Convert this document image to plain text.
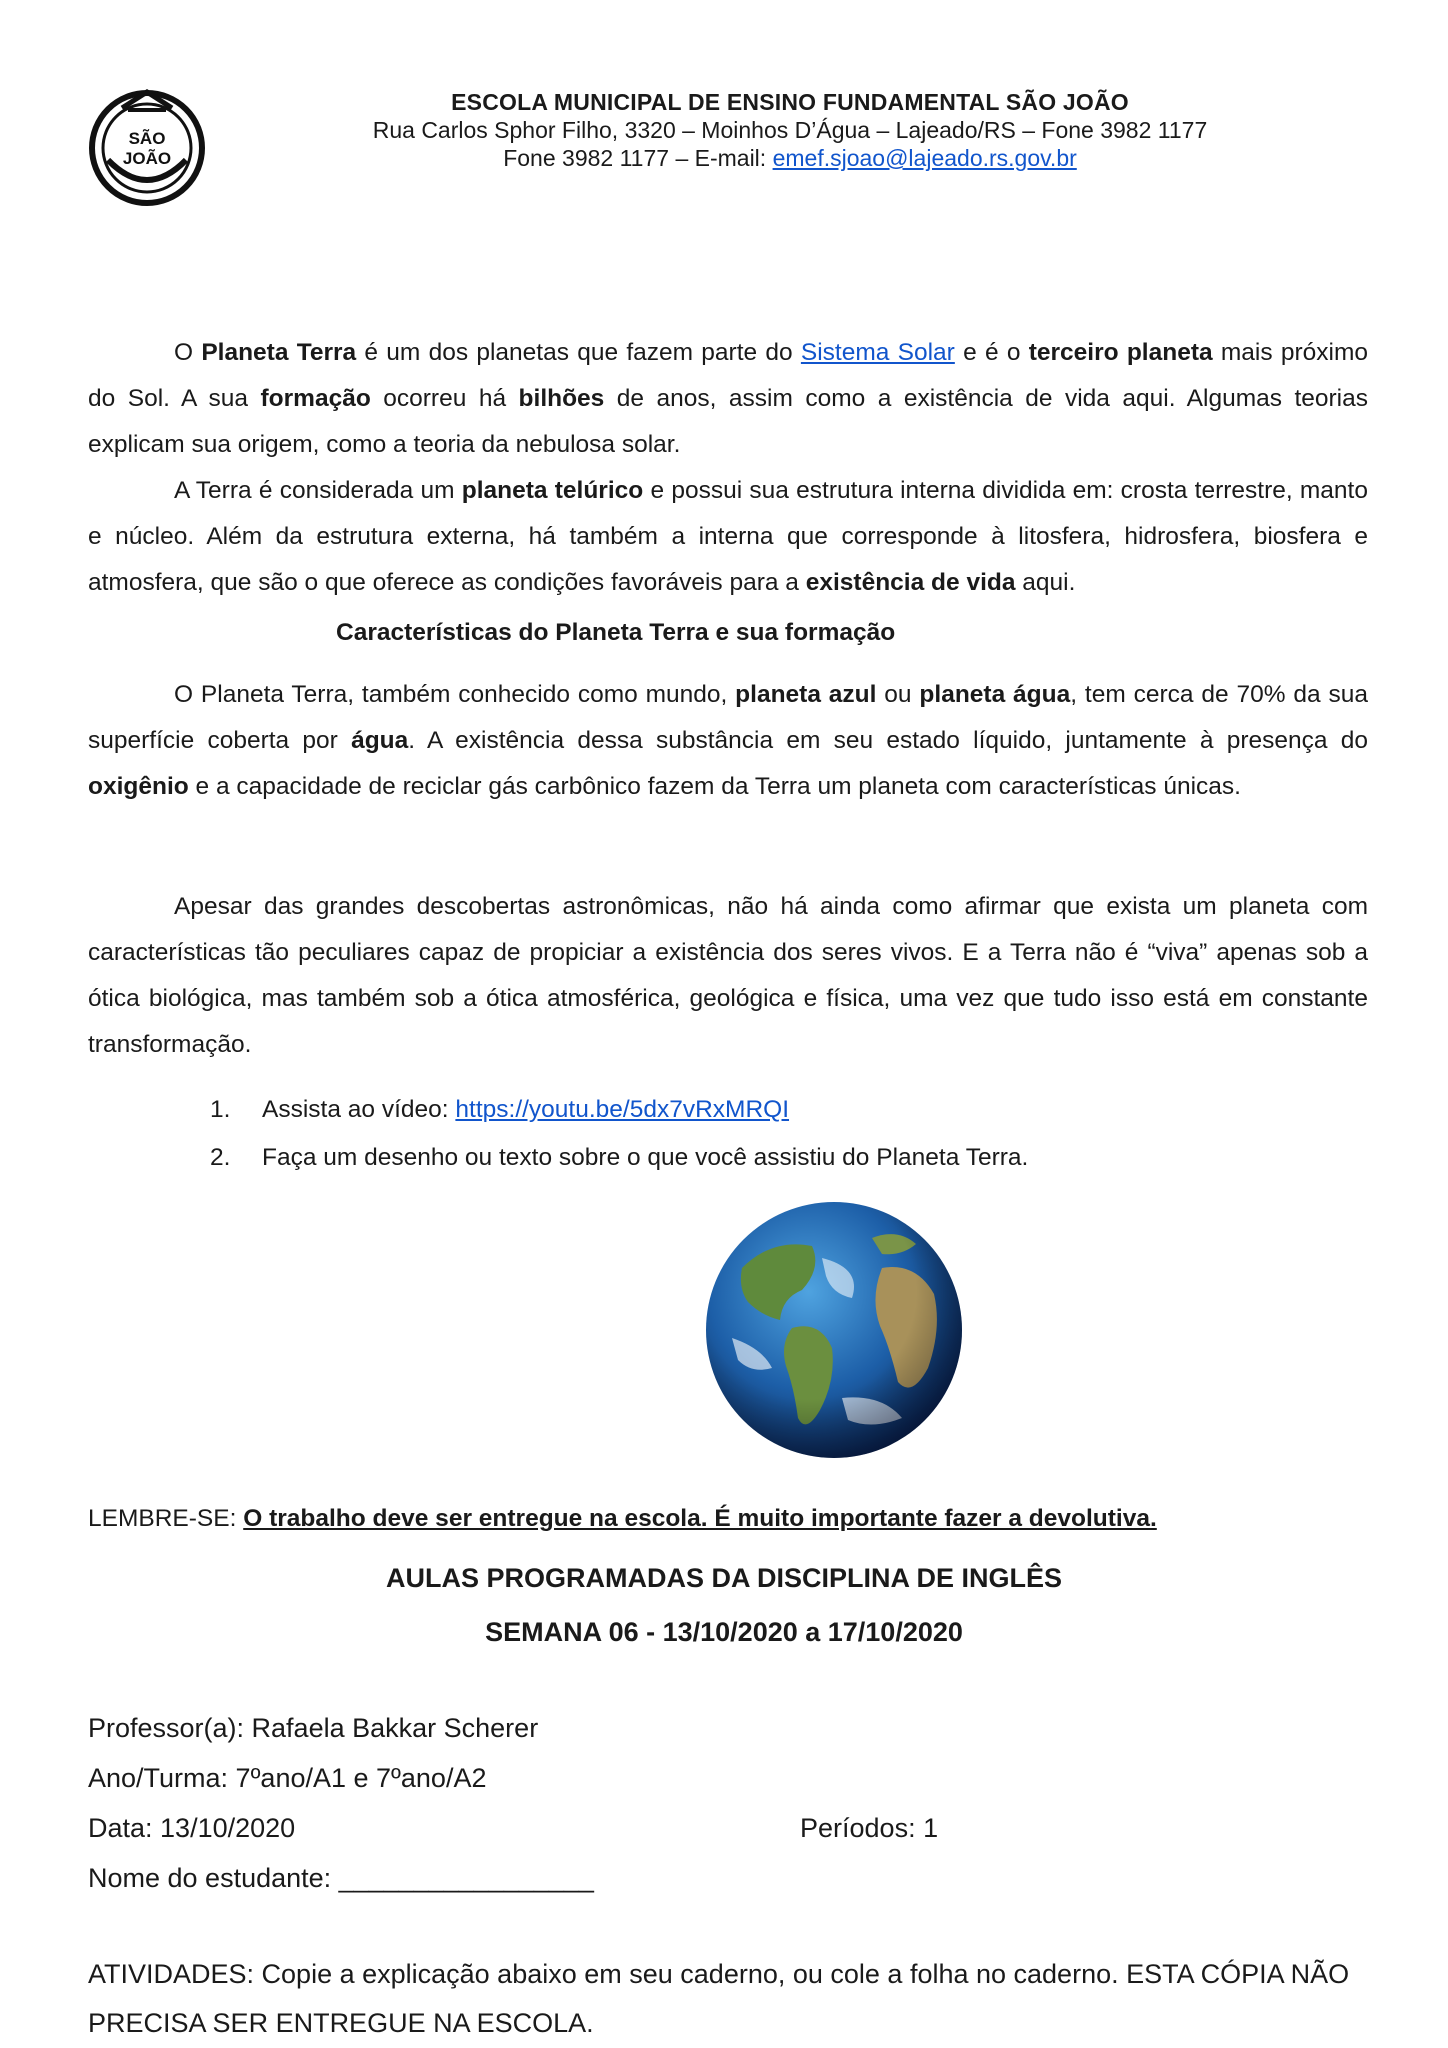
SÃO
JOÃO
ESCOLA MUNICIPAL DE ENSINO FUNDAMENTAL SÃO JOÃO
Rua Carlos Sphor Filho, 3320 – Moinhos D’Água – Lajeado/RS – Fone 3982 1177
Fone 3982 1177 – E-mail: emef.sjoao@lajeado.rs.gov.br

O Planeta Terra é um dos planetas que fazem parte do Sistema Solar e é o terceiro planeta mais próximo do Sol. A sua formação ocorreu há bilhões de anos, assim como a existência de vida aqui. Algumas teorias explicam sua origem, como a teoria da nebulosa solar.

A Terra é considerada um planeta telúrico e possui sua estrutura interna dividida em: crosta terrestre, manto e núcleo. Além da estrutura externa, há também a interna que corresponde à litosfera, hidrosfera, biosfera e atmosfera, que são o que oferece as condições favoráveis para a existência de vida aqui.

Características do Planeta Terra e sua formação

O Planeta Terra, também conhecido como mundo, planeta azul ou planeta água, tem cerca de 70% da sua superfície coberta por água. A existência dessa substância em seu estado líquido, juntamente à presença do oxigênio e a capacidade de reciclar gás carbônico fazem da Terra um planeta com características únicas.

Apesar das grandes descobertas astronômicas, não há ainda como afirmar que exista um planeta com características tão peculiares capaz de propiciar a existência dos seres vivos. E a Terra não é “viva” apenas sob a ótica biológica, mas também sob a ótica atmosférica, geológica e física, uma vez que tudo isso está em constante transformação.

1.	Assista ao vídeo: https://youtu.be/5dx7vRxMRQI
2.	Faça um desenho ou texto sobre o que você assistiu do Planeta Terra.
LEMBRE-SE: O trabalho deve ser entregue na escola. É muito importante fazer a devolutiva.
AULAS PROGRAMADAS DA DISCIPLINA DE INGLÊS
SEMANA 06 - 13/10/2020 a 17/10/2020
Professor(a): Rafaela Bakkar Scherer
Ano/Turma: 7ºano/A1 e 7ºano/A2
Data: 13/10/2020	Períodos: 1
Nome do estudante: _________________
ATIVIDADES: Copie a explicação abaixo em seu caderno, ou cole a folha no caderno. ESTA CÓPIA NÃO PRECISA SER ENTREGUE NA ESCOLA.
